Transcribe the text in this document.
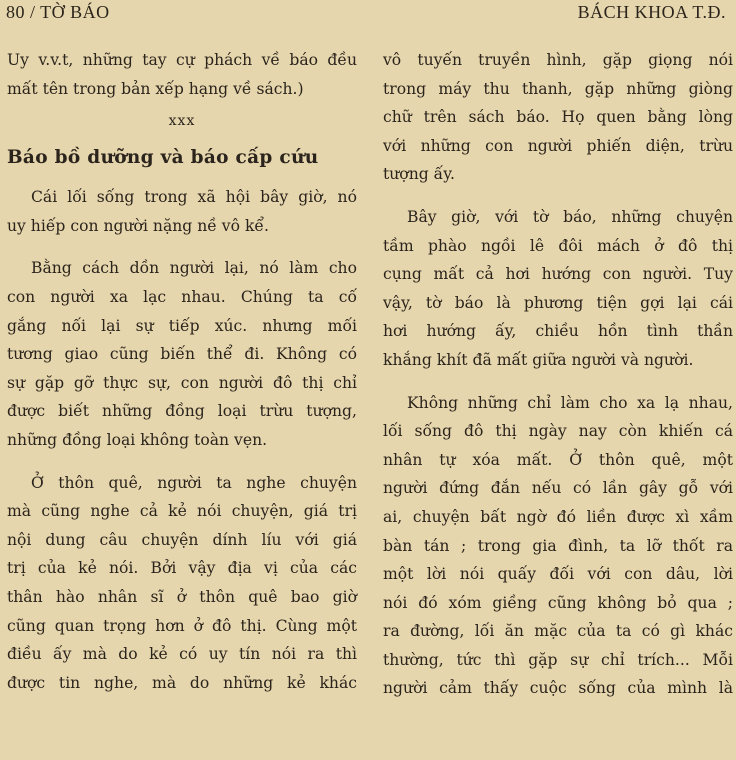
80 / TỜ BÁO	BÁCH KHOA T.Đ.

Uy v.v.t, những tay cự phách về báo đều

mất tên trong bản xếp hạng về sách.)

xxx
Báo bồ dưỡng và báo cấp cứu

Cái lối sống trong xã hội bây giờ, nó

uy hiếp con người nặng nề vô kể.

Bằng cách dồn người lại, nó làm cho

con người xa lạc nhau. Chúng ta cố

gắng nối lại sự tiếp xúc. nhưng mối

tương giao cũng biến thể đi. Không có

sự gặp gỡ thực sự, con người đô thị chỉ

được biết những đồng loại trừu tượng,

những đồng loại không toàn vẹn.

Ở thôn quê, người ta nghe chuyện

mà cũng nghe cả kẻ nói chuyện, giá trị

nội dung câu chuyện dính líu với giá

trị của kẻ nói. Bởi vậy địa vị của các

thân hào nhân sĩ ở thôn quê bao giờ

cũng quan trọng hơn ở đô thị. Cùng một

điều ấy mà do kẻ có uy tín nói ra thì

được tin nghe, mà do những kẻ khác

vô tuyến truyền hình, gặp giọng nói

trong máy thu thanh, gặp những giòng

chữ trên sách báo. Họ quen bằng lòng

với những con người phiến diện, trừu

tượng ấy.

Bây giờ, với tờ báo, những chuyện

tầm phào ngồi lê đôi mách ở đô thị

cụng mất cả hơi hướng con người. Tuy

vậy, tờ báo là phương tiện gợi lại cái

hơi hướng ấy, chiều hồn tình thần

khắng khít đã mất giữa người và người.

Không những chỉ làm cho xa lạ nhau,

lối sống đô thị ngày nay còn khiến cá

nhân tự xóa mất. Ở thôn quê, một

người đứng đắn nếu có lần gây gỗ với

ai, chuyện bất ngờ đó liền được xì xầm

bàn tán ; trong gia đình, ta lỡ thốt ra

một lời nói quấy đối với con dâu, lời

nói đó xóm giềng cũng không bỏ qua ;

ra đường, lối ăn mặc của ta có gì khác

thường, tức thì gặp sự chỉ trích... Mỗi

người cảm thấy cuộc sống của mình là
